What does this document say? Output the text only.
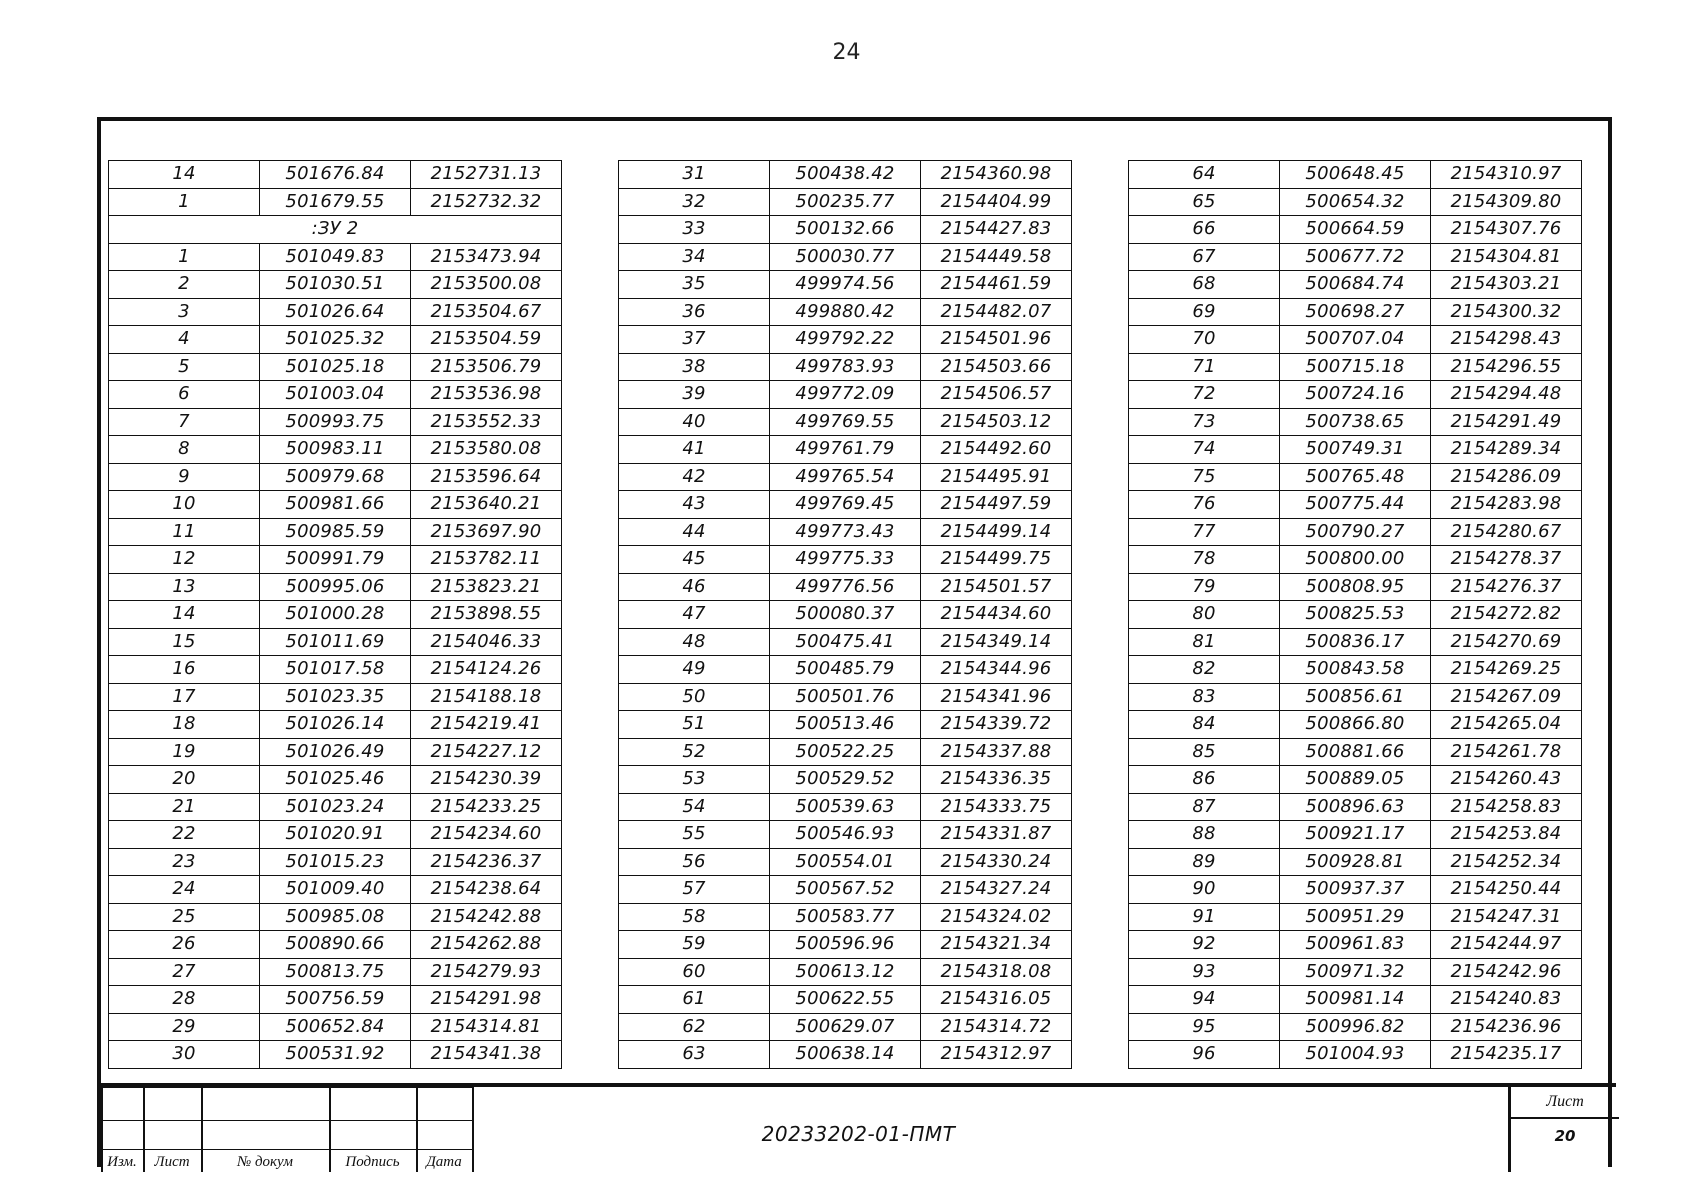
24
14	501676.84	2152731.13
1	501679.55	2152732.32
:ЗУ 2		
1	501049.83	2153473.94
2	501030.51	2153500.08
3	501026.64	2153504.67
4	501025.32	2153504.59
5	501025.18	2153506.79
6	501003.04	2153536.98
7	500993.75	2153552.33
8	500983.11	2153580.08
9	500979.68	2153596.64
10	500981.66	2153640.21
11	500985.59	2153697.90
12	500991.79	2153782.11
13	500995.06	2153823.21
14	501000.28	2153898.55
15	501011.69	2154046.33
16	501017.58	2154124.26
17	501023.35	2154188.18
18	501026.14	2154219.41
19	501026.49	2154227.12
20	501025.46	2154230.39
21	501023.24	2154233.25
22	501020.91	2154234.60
23	501015.23	2154236.37
24	501009.40	2154238.64
25	500985.08	2154242.88
26	500890.66	2154262.88
27	500813.75	2154279.93
28	500756.59	2154291.98
29	500652.84	2154314.81
30	500531.92	2154341.38
31	500438.42	2154360.98
32	500235.77	2154404.99
33	500132.66	2154427.83
34	500030.77	2154449.58
35	499974.56	2154461.59
36	499880.42	2154482.07
37	499792.22	2154501.96
38	499783.93	2154503.66
39	499772.09	2154506.57
40	499769.55	2154503.12
41	499761.79	2154492.60
42	499765.54	2154495.91
43	499769.45	2154497.59
44	499773.43	2154499.14
45	499775.33	2154499.75
46	499776.56	2154501.57
47	500080.37	2154434.60
48	500475.41	2154349.14
49	500485.79	2154344.96
50	500501.76	2154341.96
51	500513.46	2154339.72
52	500522.25	2154337.88
53	500529.52	2154336.35
54	500539.63	2154333.75
55	500546.93	2154331.87
56	500554.01	2154330.24
57	500567.52	2154327.24
58	500583.77	2154324.02
59	500596.96	2154321.34
60	500613.12	2154318.08
61	500622.55	2154316.05
62	500629.07	2154314.72
63	500638.14	2154312.97
64	500648.45	2154310.97
65	500654.32	2154309.80
66	500664.59	2154307.76
67	500677.72	2154304.81
68	500684.74	2154303.21
69	500698.27	2154300.32
70	500707.04	2154298.43
71	500715.18	2154296.55
72	500724.16	2154294.48
73	500738.65	2154291.49
74	500749.31	2154289.34
75	500765.48	2154286.09
76	500775.44	2154283.98
77	500790.27	2154280.67
78	500800.00	2154278.37
79	500808.95	2154276.37
80	500825.53	2154272.82
81	500836.17	2154270.69
82	500843.58	2154269.25
83	500856.61	2154267.09
84	500866.80	2154265.04
85	500881.66	2154261.78
86	500889.05	2154260.43
87	500896.63	2154258.83
88	500921.17	2154253.84
89	500928.81	2154252.34
90	500937.37	2154250.44
91	500951.29	2154247.31
92	500961.83	2154244.97
93	500971.32	2154242.96
94	500981.14	2154240.83
95	500996.82	2154236.96
96	501004.93	2154235.17
Изм.	Лист	№ докум	Подпись	Дата
20233202-01-ПМТ
Лист
20
